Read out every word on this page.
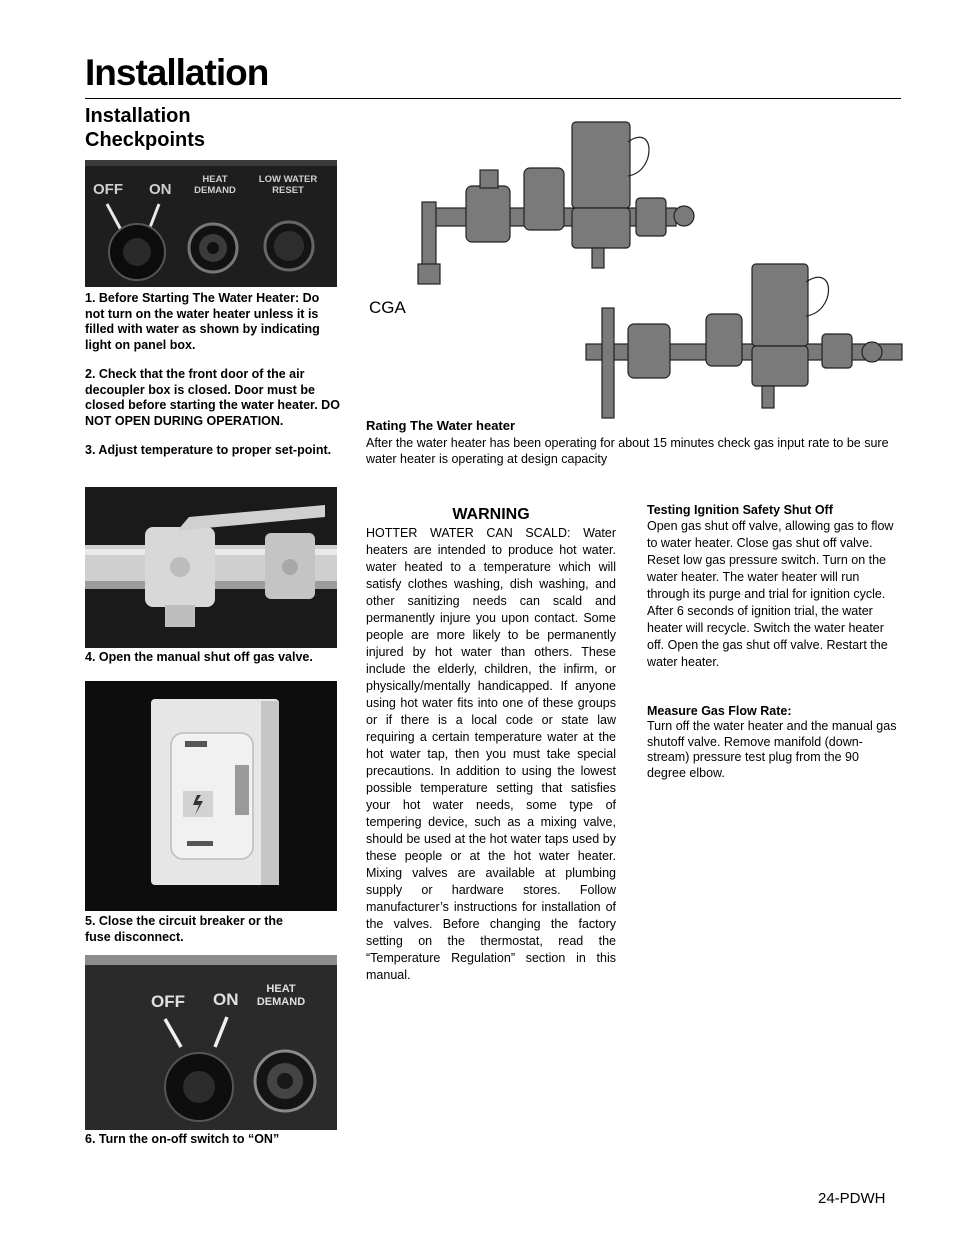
Installation
Installation
Checkpoints
OFF ON
HEAT DEMAND
LOW WATER RESET

1. Before Starting The Water Heater: Do not turn on the water heater unless it is filled with water as shown by indicating light on panel box.

2. Check that the front door of the air decoupler box is closed. Door must be closed before starting the water heater. DO NOT OPEN DURING OPERATION.

3. Adjust temperature to proper set-point.

4. Open the manual shut off gas valve.
5. Close the circuit breaker or the fuse disconnect.
OFF ON
HEAT DEMAND
6. Turn the on-off switch to “ON”
CGA
Rating The Water heater
After the water heater has been operating for about 15 minutes check gas input rate to be sure water heater is operating at design capacity
WARNING
HOTTER WATER CAN SCALD: Water heaters are intended to produce hot water. water heated to a temperature which will satisfy clothes washing, dish washing, and other sanitizing needs can scald and permanently injure you upon contact. Some people are more likely to be permanently injured by hot water than others. These include the elderly, children, the infirm, or physically/mentally handicapped. If anyone using hot water fits into one of these groups or if there is a local code or state law requiring a certain temperature water at the hot water tap, then you must take special precautions. In addition to using the lowest possible temperature setting that satisfies your hot water needs, some type of tempering device, such as a mixing valve, should be used at the hot water taps used by these people or at the hot water heater. Mixing valves are available at plumbing supply or hardware stores. Follow manufacturer’s instructions for installation of the valves. Before changing the factory setting on the thermostat, read the “Temperature Regulation” section in this manual.
Testing Ignition Safety Shut Off
Open gas shut off valve, allowing gas to flow to water heater. Close gas shut off valve. Reset low gas pressure switch. Turn on the water heater. The water heater will run through its purge and trial for ignition cycle. After 6 seconds of ignition trial, the water heater will recycle. Switch the water heater off. Open the gas shut off valve. Restart the water heater.
Measure Gas Flow Rate:
Turn off the water heater and the manual gas shutoff valve. Remove manifold (down-stream) pressure test plug from the 90 degree elbow.
24-PDWH
